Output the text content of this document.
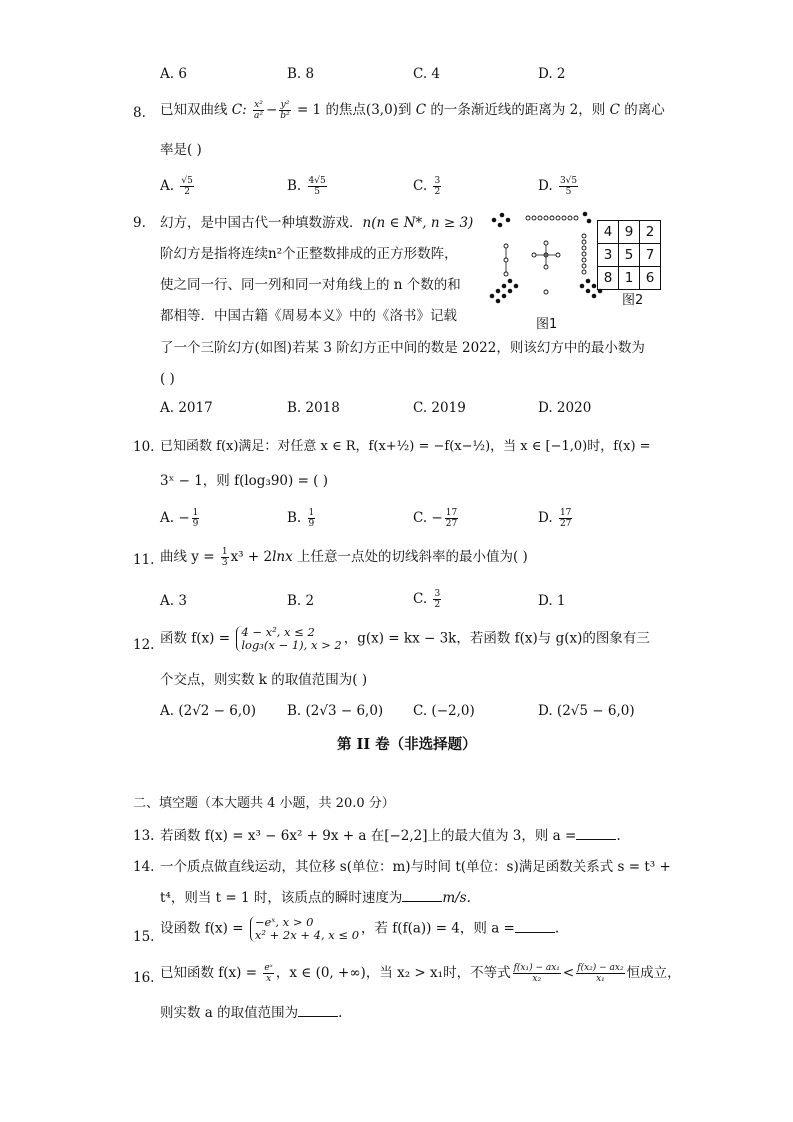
A. 6	B. 8	C. 4	D. 2
8. 已知双曲线 C: $\frac{\text{x²}}{\text{a²}} - \frac{\text{y²}}{\text{b²}} = 1$ 的焦点(3,0)到 C 的一条渐近线的距离为 2，则 C 的离心
率是( )
A. $\frac{√5}{2}$	B. $\frac{4√5}{5}$	C. $\frac{3}{2}$	D. $\frac{3√5}{5}$
9. 幻方，是中国古代一种填数游戏．n(n ∈ N*, n ≥ 3)
阶幻方是指将连续n²个正整数排成的正方形数阵，
使之同一行、同一列和同一对角线上的 n 个数的和
都相等．中国古籍《周易本义》中的《洛书》记载
了一个三阶幻方(如图)若某 3 阶幻方正中间的数是 2022，则该幻方中的最小数为
( )
图1
4	9	2
3	5	7
8	1	6
图2
A. 2017	B. 2018	C. 2019	D. 2020
10. 已知函数 f(x)满足：对任意 x ∈ R，f(x+½) = −f(x−½)，当 x ∈ [−1,0)时，f(x) =
3ˣ − 1，则 f(log₃90) = ( )
A. − $\frac{1}{9}$	B. $\frac{1}{9}$	C. − $\frac{17}{27}$	D. $\frac{17}{27}$
11. 曲线 $y = \frac{1}{3} x^3$ + 2𝑙𝑛𝑥 上任意一点处的切线斜率的最小值为( )
A. 3	B. 2	C. $\frac{3}{2}$	D. 1
12. 函数 f(x) = 4 − x², x ≤ 2
log₃(x − 1), x > 2 ，g(x) = kx − 3k，若函数 f(x)与 g(x)的图象有三
个交点，则实数 k 的取值范围为( )
A. (2√2 − 6,0) B. (2√3 − 6,0) C. (−2,0)	D. (2√5 − 6,0)
第 II 卷（非选择题）
二、填空题（本大题共 4 小题，共 20.0 分）
13. 若函数 f(x) = x³ − 6x² + 9x + a 在[−2,2]上的最大值为 3，则 a =	.
14. 一个质点做直线运动，其位移 s(单位：m)与时间 t(单位：s)满足函数关系式 s = t³ +
t⁴，则当 t = 1 时，该质点的瞬时速度为	m/s.
15.
设函数 f(x) = −eˣ, x > 0
x² + 2x + 4, x ≤ 0 ，若 f(f(a)) = 4，则 a =	.
16. 已知函数 $f(x) = \frac{\text{eˣ}}{x}$ ，x ∈ (0, +∞)，当 x₂ > x₁时，不等式 $\frac{\text{f(x₁) − ax₁}}{\text{x₂}} < \frac{\text{f(x₂) − ax₂}}{\text{x₁}}$ 恒成立，
则实数 a 的取值范围为	.
